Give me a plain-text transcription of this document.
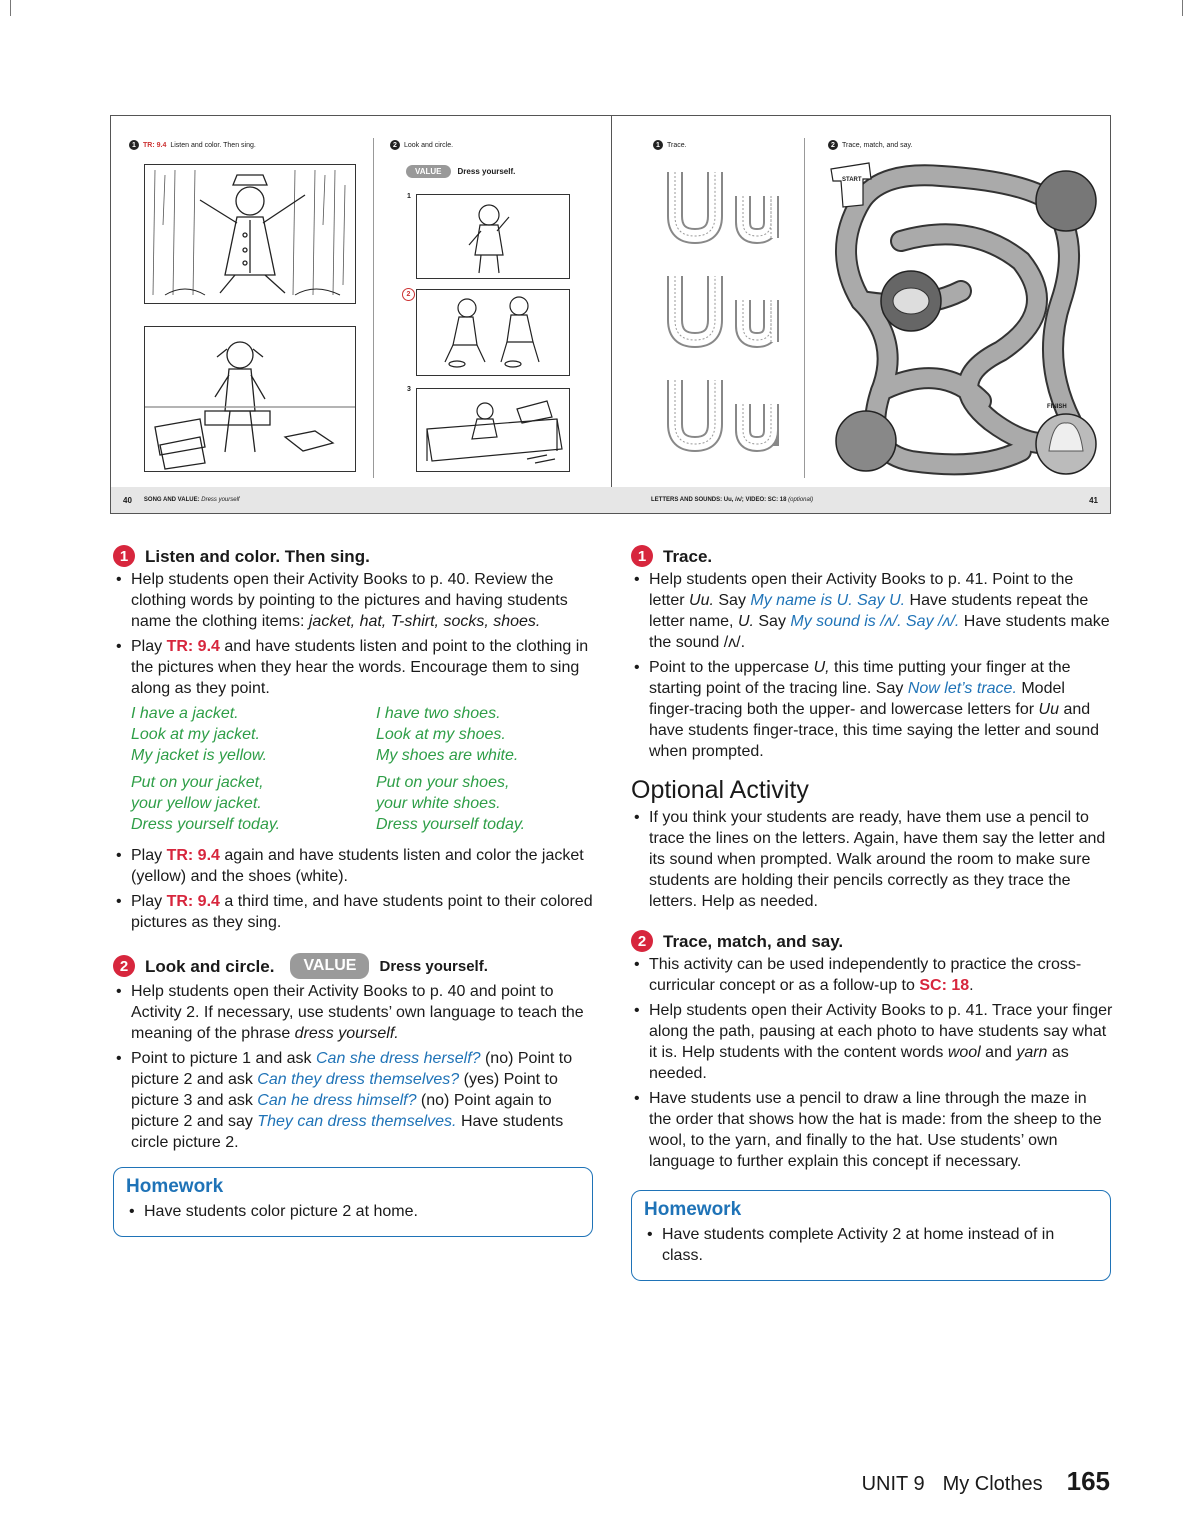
1	TR: 9.4 Listen and color. Then sing.	2	Look and circle.
VALUE	Dress yourself.
1
2
3
40 SONG AND VALUE:
Dress yourself
1	Trace.	2	Trace, match, and say.
START
FINISH
LETTERS AND SOUNDS: Uu, /ʌ/; VIDEO: SC: 18 (optional)	41
1 Listen and color. Then sing.
• Help students open their Activity Books to p. 40. Review the clothing words by pointing to the pictures and having students name the clothing items: jacket, hat, T-shirt, socks, shoes.
• Play TR: 9.4 and have students listen and point to the clothing in the pictures when they hear the words. Encourage them to sing along as they point.
I have a jacket.
Look at my jacket.
My jacket is yellow.
I have two shoes.
Look at my shoes.
My shoes are white.
Put on your jacket,
your yellow jacket.
Dress yourself today.
Put on your shoes,
your white shoes.
Dress yourself today.
• Play TR: 9.4 again and have students listen and color the jacket (yellow) and the shoes (white).
• Play TR: 9.4 a third time, and have students point to their colored pictures as they sing.
2 Look and circle.	VALUE	Dress yourself.
• Help students open their Activity Books to p. 40 and point to Activity 2. If necessary, use students’ own language to teach the meaning of the phrase dress yourself.
• Point to picture 1 and ask Can she dress herself? (no) Point to picture 2 and ask Can they dress themselves? (yes) Point to picture 3 and ask Can he dress himself? (no) Point again to picture 2 and say They can dress themselves. Have students circle picture 2.
Homework
• Have students color picture 2 at home.
1 Trace.
• Help students open their Activity Books to p. 41. Point to the letter Uu. Say My name is U. Say U. Have students repeat the letter name, U. Say My sound is /ʌ/. Say /ʌ/. Have students make the sound /ʌ/.
• Point to the uppercase U, this time putting your finger at the starting point of the tracing line. Say Now let’s trace. Model finger-tracing both the upper- and lowercase letters for Uu and have students finger-trace, this time saying the letter and sound when prompted.
Optional Activity
• If you think your students are ready, have them use a pencil to trace the lines on the letters. Again, have them say the letter and its sound when prompted. Walk around the room to make sure students are holding their pencils correctly as they trace the letters. Help as needed.
2 Trace, match, and say.
• This activity can be used independently to practice the cross-curricular concept or as a follow-up to SC: 18.
• Help students open their Activity Books to p. 41. Trace your finger along the path, pausing at each photo to have students say what it is. Help students with the content words wool and yarn as needed.
• Have students use a pencil to draw a line through the maze in the order that shows how the hat is made: from the sheep to the wool, to the yarn, and finally to the hat. Use students’ own language to further explain this concept if necessary.
Homework
• Have students complete Activity 2 at home instead of in class.
UNIT 9 My Clothes 165
